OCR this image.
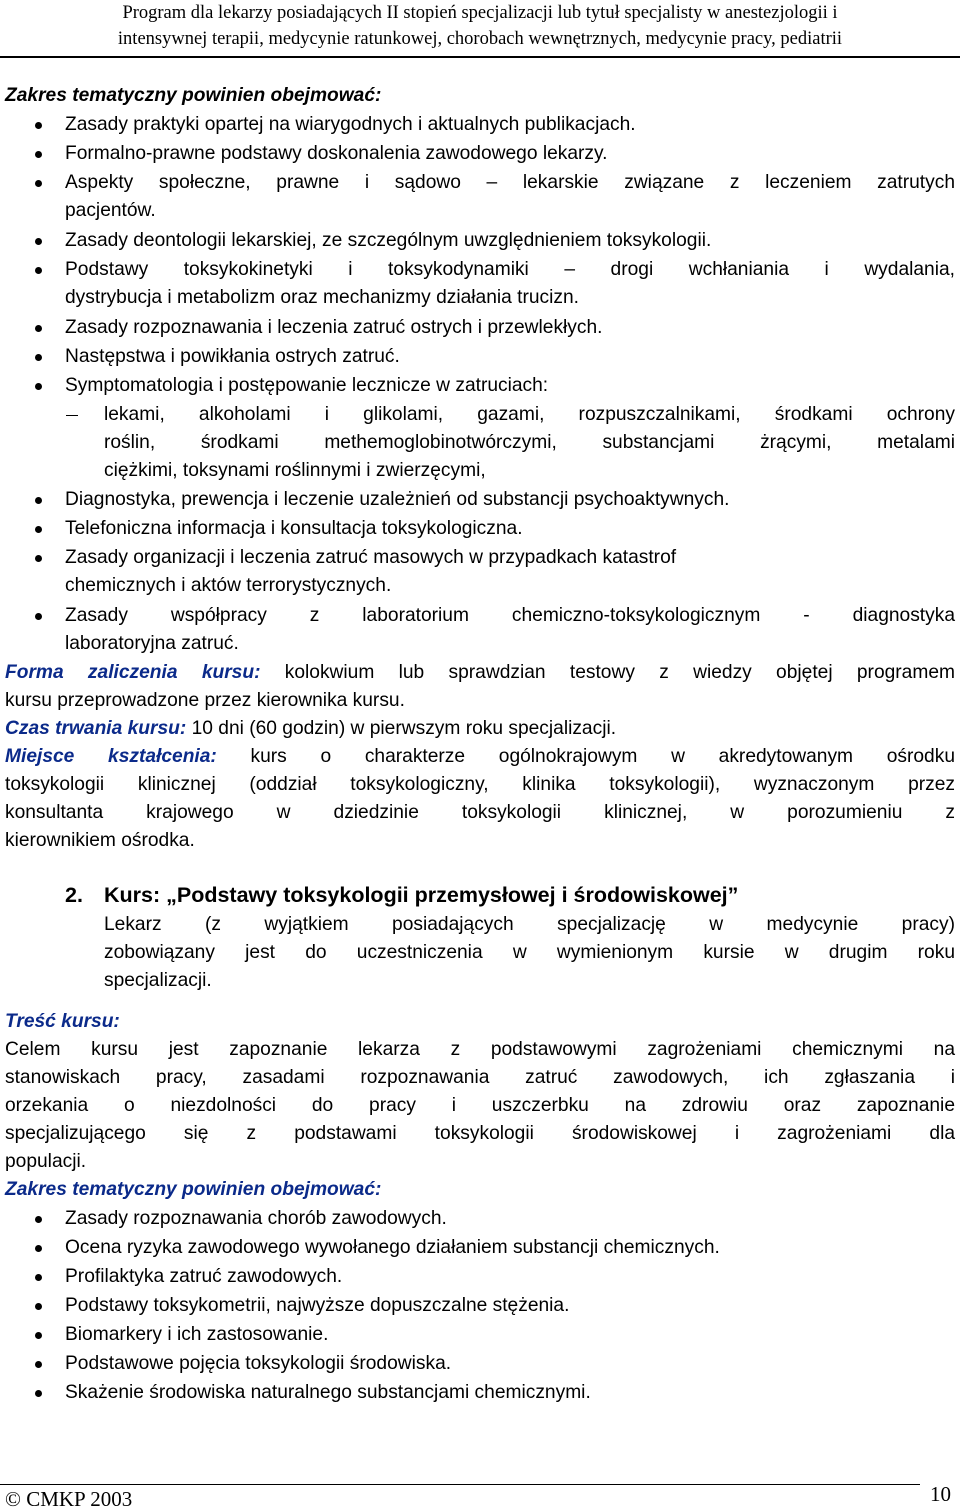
Program dla lekarzy posiadających II stopień specjalizacji lub tytuł specjalisty w anestezjologii i
intensywnej terapii, medycynie ratunkowej, chorobach wewnętrznych, medycynie pracy, pediatrii
Zakres tematyczny powinien obejmować:
Zasady praktyki opartej na wiarygodnych i aktualnych publikacjach.
Formalno-prawne podstawy doskonalenia zawodowego lekarzy.
Aspekty społeczne, prawne i sądowo – lekarskie związane z leczeniem zatrutych
pacjentów.
Zasady deontologii lekarskiej, ze szczególnym uwzględnieniem toksykologii.
Podstawy toksykokinetyki i toksykodynamiki – drogi wchłaniania i wydalania,
dystrybucja i metabolizm oraz mechanizmy działania trucizn.
Zasady rozpoznawania i leczenia zatruć ostrych i przewlekłych.
Następstwa i powikłania ostrych zatruć.
Symptomatologia i postępowanie lecznicze w zatruciach:
lekami, alkoholami i glikolami, gazami, rozpuszczalnikami, środkami ochrony
roślin, środkami methemoglobinotwórczymi, substancjami żrącymi, metalami
ciężkimi, toksynami roślinnymi i zwierzęcymi,
Diagnostyka, prewencja i leczenie uzależnień od substancji psychoaktywnych.
Telefoniczna informacja i konsultacja toksykologiczna.
Zasady organizacji i leczenia zatruć masowych w przypadkach katastrof
chemicznych i aktów terrorystycznych.
Zasady współpracy z laboratorium chemiczno-toksykologicznym - diagnostyka
laboratoryjna zatruć.
Forma zaliczenia kursu: kolokwium lub sprawdzian testowy z wiedzy objętej programem
kursu przeprowadzone przez kierownika kursu.
Czas trwania kursu: 10 dni (60 godzin) w pierwszym roku specjalizacji.
Miejsce kształcenia: kurs o charakterze ogólnokrajowym w akredytowanym ośrodku
toksykologii klinicznej (oddział toksykologiczny, klinika toksykologii), wyznaczonym przez
konsultanta krajowego w dziedzinie toksykologii klinicznej, w porozumieniu z
kierownikiem ośrodka.
2. Kurs: „Podstawy toksykologii przemysłowej i środowiskowej”
Lekarz (z wyjątkiem posiadających specjalizację w medycynie pracy)
zobowiązany jest do uczestniczenia w wymienionym kursie w drugim roku
specjalizacji.
Treść kursu:
Celem kursu jest zapoznanie lekarza z podstawowymi zagrożeniami chemicznymi na
stanowiskach pracy, zasadami rozpoznawania zatruć zawodowych, ich zgłaszania i
orzekania o niezdolności do pracy i uszczerbku na zdrowiu oraz zapoznanie
specjalizującego się z podstawami toksykologii środowiskowej i zagrożeniami dla
populacji.
Zakres tematyczny powinien obejmować:
Zasady rozpoznawania chorób zawodowych.
Ocena ryzyka zawodowego wywołanego działaniem substancji chemicznych.
Profilaktyka zatruć zawodowych.
Podstawy toksykometrii, najwyższe dopuszczalne stężenia.
Biomarkery i ich zastosowanie.
Podstawowe pojęcia toksykologii środowiska.
Skażenie środowiska naturalnego substancjami chemicznymi.
© CMKP 2003	10
